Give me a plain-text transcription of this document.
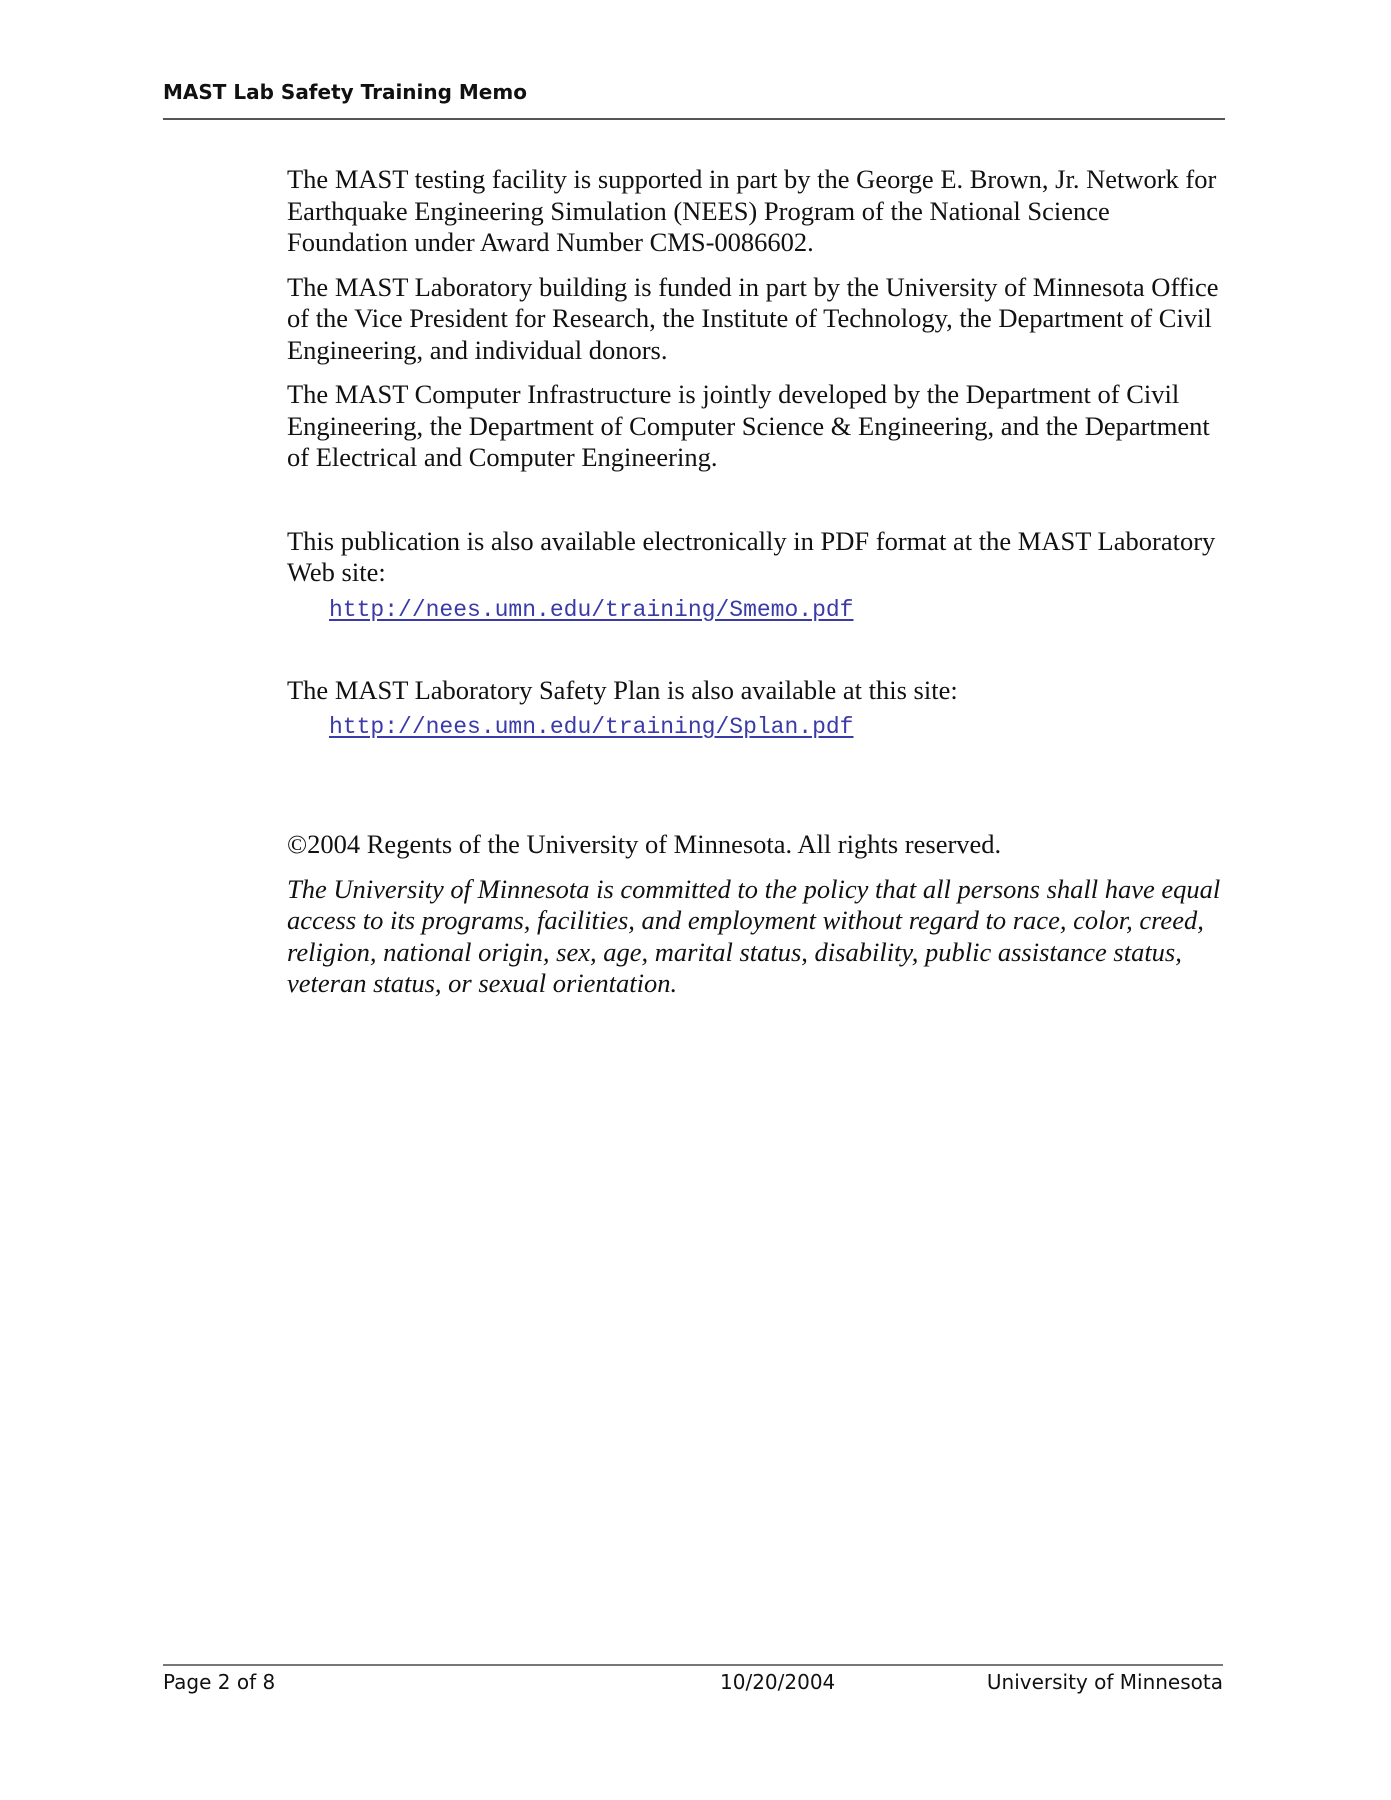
MAST Lab Safety Training Memo

The MAST testing facility is supported in part by the George E. Brown, Jr. Network for Earthquake Engineering Simulation (NEES) Program of the National Science Foundation under Award Number CMS-0086602.

The MAST Laboratory building is funded in part by the University of Minnesota Office of the Vice President for Research, the Institute of Technology, the Department of Civil Engineering, and individual donors.

The MAST Computer Infrastructure is jointly developed by the Department of Civil Engineering, the Department of Computer Science & Engineering, and the Department of Electrical and Computer Engineering.

This publication is also available electronically in PDF format at the MAST Laboratory Web site:

http://nees.umn.edu/training/Smemo.pdf

The MAST Laboratory Safety Plan is also available at this site:

http://nees.umn.edu/training/Splan.pdf

©2004 Regents of the University of Minnesota. All rights reserved.

The University of Minnesota is committed to the policy that all persons shall have equal access to its programs, facilities, and employment without regard to race, color, creed, religion, national origin, sex, age, marital status, disability, public assistance status, veteran status, or sexual orientation.

Page 2 of 8	10/20/2004	University of Minnesota
